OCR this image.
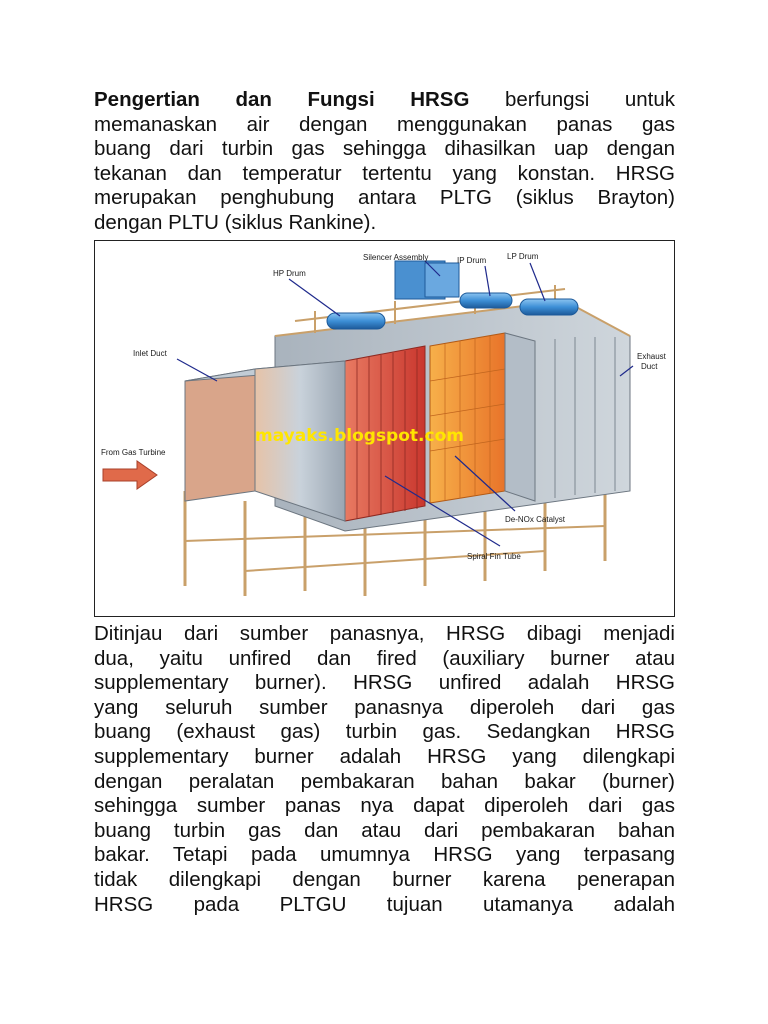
Pengertian dan Fungsi HRSG berfungsi untuk
memanaskan air dengan menggunakan panas gas
buang dari turbin gas sehingga dihasilkan uap dengan
tekanan dan temperatur tertentu yang konstan. HRSG
merupakan penghubung antara PLTG (siklus Brayton)
dengan PLTU (siklus Rankine).
HP Drum
Silencer Assembly	IP Drum	LP Drum
Inlet Duct	Exhaust
Duct
From Gas Turbine
De-NOx Catalyst
Spiral Fin Tube
mayaks.blogspot.com
Ditinjau dari sumber panasnya, HRSG dibagi menjadi
dua, yaitu unfired dan fired (auxiliary burner atau
supplementary burner). HRSG unfired adalah HRSG
yang seluruh sumber panasnya diperoleh dari gas
buang (exhaust gas) turbin gas. Sedangkan HRSG
supplementary burner adalah HRSG yang dilengkapi
dengan peralatan pembakaran bahan bakar (burner)
sehingga sumber panas nya dapat diperoleh dari gas
buang turbin gas dan atau dari pembakaran bahan
bakar. Tetapi pada umumnya HRSG yang terpasang
tidak dilengkapi dengan burner karena penerapan
HRSG pada PLTGU tujuan utamanya adalah
